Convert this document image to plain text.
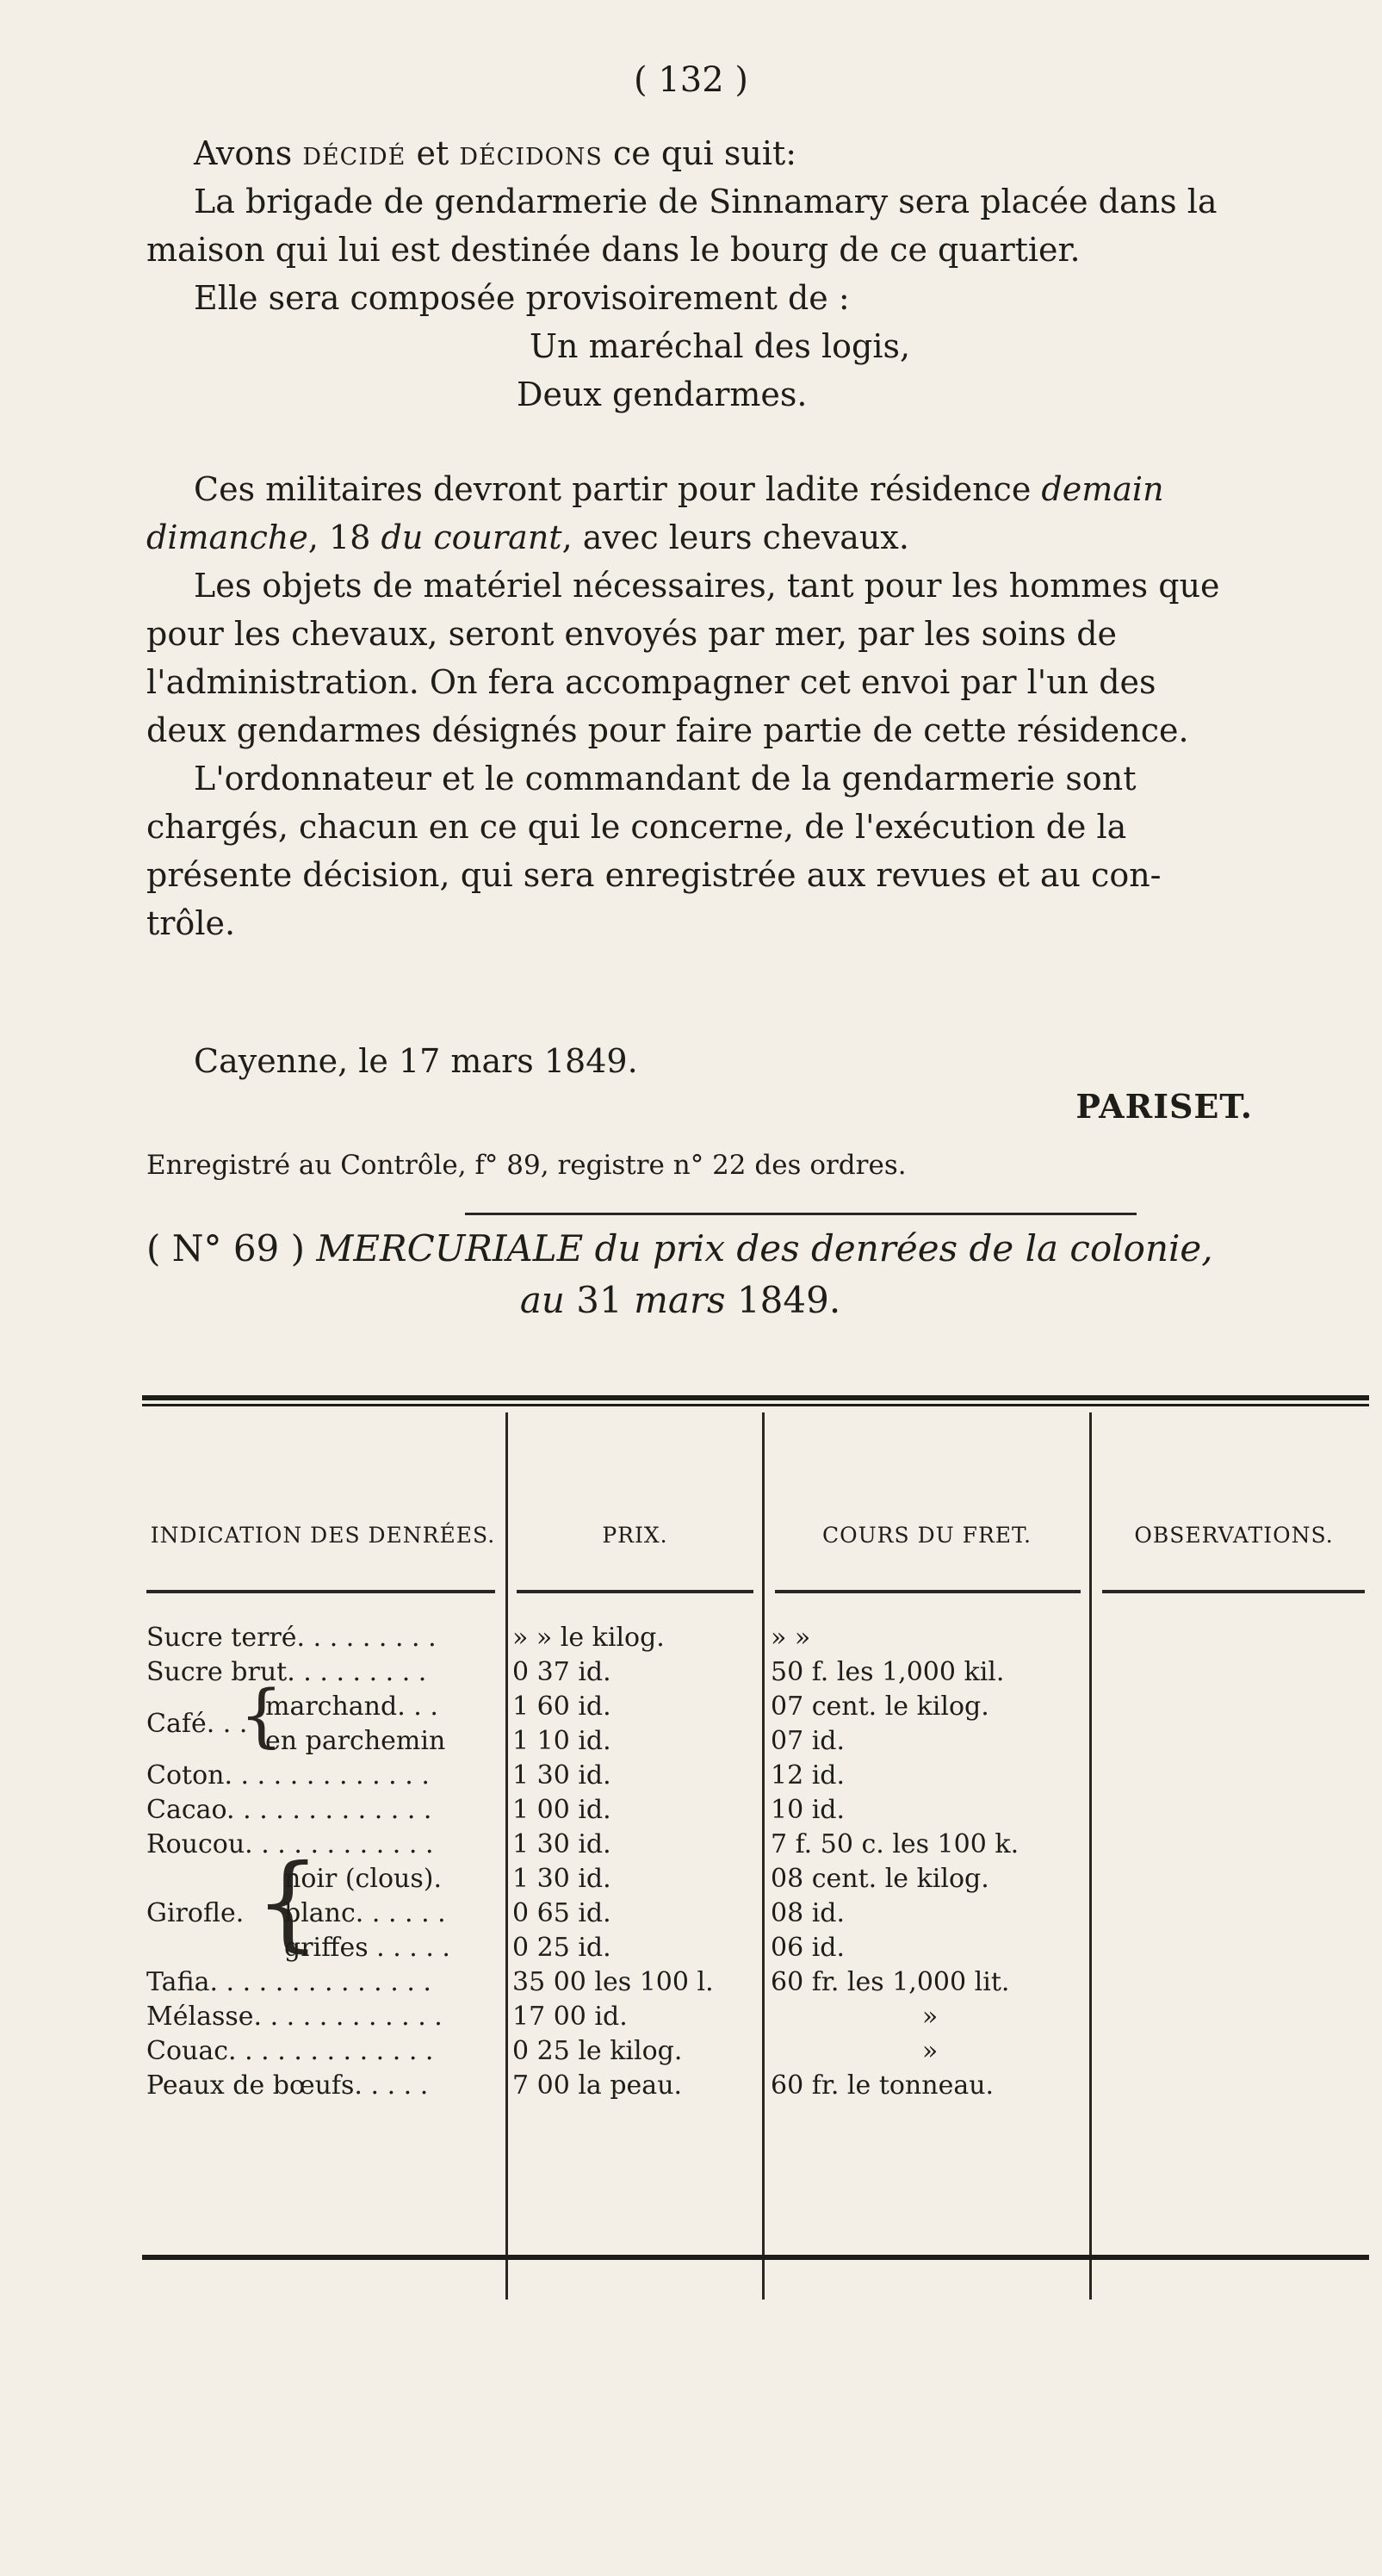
( 132 )
Avons décidé et décidons ce qui suit:
La brigade de gendarmerie de Sinnamary sera placée dans la
maison qui lui est destinée dans le bourg de ce quartier.
Elle sera composée provisoirement de :
Un maréchal des logis,
Deux gendarmes.
Ces militaires devront partir pour ladite résidence demain
dimanche, 18 du courant, avec leurs chevaux.
Les objets de matériel nécessaires, tant pour les hommes que
pour les chevaux, seront envoyés par mer, par les soins de
l'administration. On fera accompagner cet envoi par l'un des
deux gendarmes désignés pour faire partie de cette résidence.
L'ordonnateur et le commandant de la gendarmerie sont
chargés, chacun en ce qui le concerne, de l'exécution de la
présente décision, qui sera enregistrée aux revues et au con-
trôle.
Cayenne, le 17 mars 1849.
PARISET.
Enregistré au Contrôle, f° 89, registre n° 22 des ordres.
( N° 69 ) MERCURIALE du prix des denrées de la colonie,
au 31 mars 1849.
INDICATION DES DENRÉES.	PRIX.	COURS DU FRET.	OBSERVATIONS.
Sucre terré. . . . . . . . .	» » le kilog.	» »
Sucre brut. . . . . . . . .	0 37 id.	50 f. les 1,000 kil.
Café. . .
{
marchand. . .	1 60 id.	07 cent. le kilog.
en parchemin	1 10 id.	07 id.
Coton. . . . . . . . . . . . .	1 30 id.	12 id.
Cacao. . . . . . . . . . . . .	1 00 id.	10 id.
Roucou. . . . . . . . . . . .	1 30 id.	7 f. 50 c. les 100 k.
Girofle. {
noir (clous).	1 30 id.	08 cent. le kilog.
blanc. . . . . .	0 65 id.	08 id.
griffes . . . . . 0 25 id.	06 id.
Tafia. . . . . . . . . . . . . .	35 00 les 100 l.	60 fr. les 1,000 lit.
Mélasse. . . . . . . . . . . .	17 00 id.	»
Couac. . . . . . . . . . . . .	0 25 le kilog.	»
Peaux de bœufs. . . . .	7 00 la peau.	60 fr. le tonneau.
